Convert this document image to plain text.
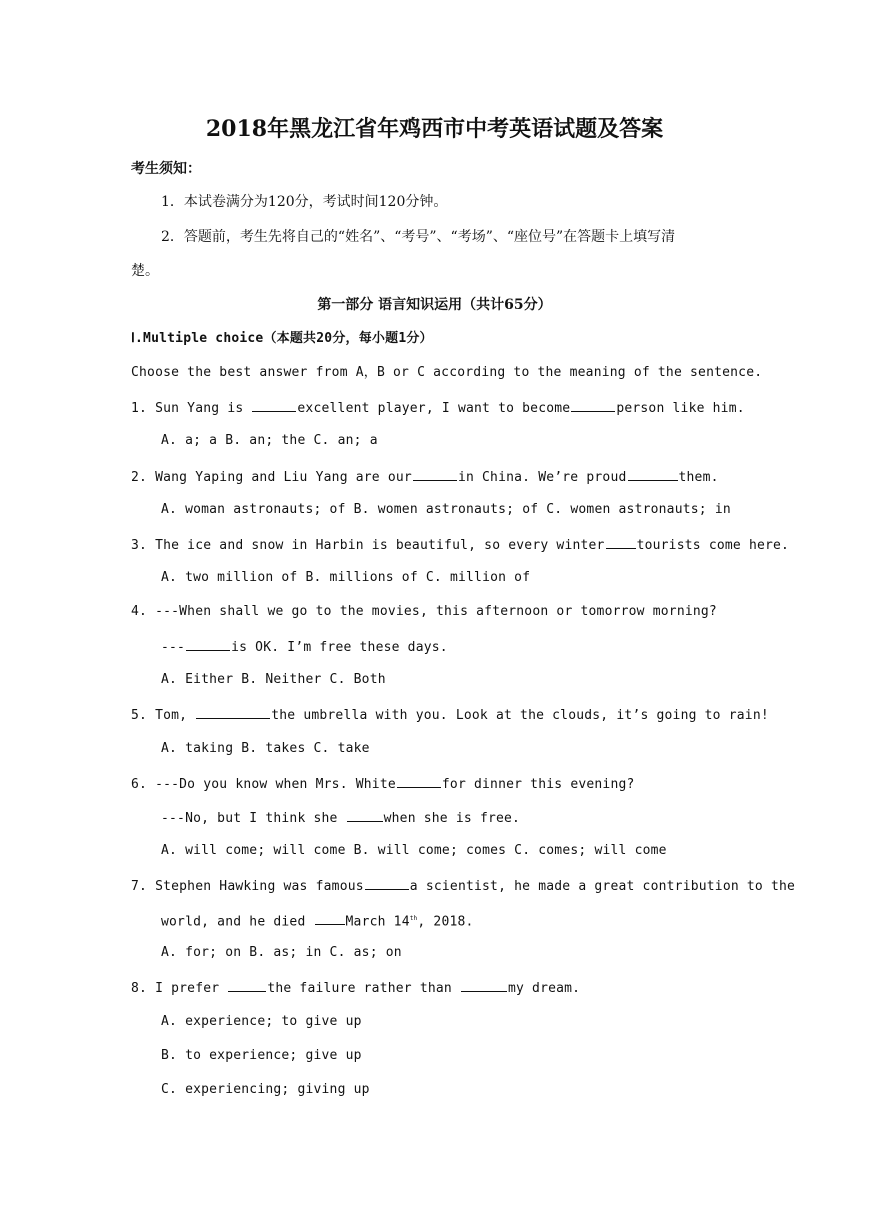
2018年黑龙江省年鸡西市中考英语试题及答案
考生须知：
1．本试卷满分为120分，考试时间120分钟。
2．答题前，考生先将自己的“姓名”、“考号”、“考场”、“座位号”在答题卡上填写清
楚。
第一部分 语言知识运用（共计65分）
Ⅰ.Multiple choice（本题共20分，每小题1分）
Choose the best answer from A，B or C according to the meaning of the sentence.
1. Sun Yang is	excellent player, I want to become	person like him.
A. a; a B. an; the C. an; a
2. Wang Yaping and Liu Yang are our	in China. We’re proud	them.
A. woman astronauts; of B. women astronauts; of C. women astronauts; in
3. The ice and snow in Harbin is beautiful, so every winter tourists come here.
A. two million of B. millions of C. million of
4. ---When shall we go to the movies, this afternoon or tomorrow morning?
---	is OK. I’m free these days.
A. Either B. Neither C. Both
5. Tom,	the umbrella with you. Look at the clouds, it’s going to rain!
A. taking B. takes C. take
6. ---Do you know when Mrs. White	for dinner this evening?
---No, but I think she	when she is free.
A. will come; will come B. will come; comes C. comes; will come
7. Stephen Hawking was famous	a scientist, he made a great contribution to the
world, and he died March 14th, 2018.
A. for; on B. as; in C. as; on
8. I prefer	the failure rather than	my dream.
A. experience; to give up
B. to experience; give up
C. experiencing; giving up
